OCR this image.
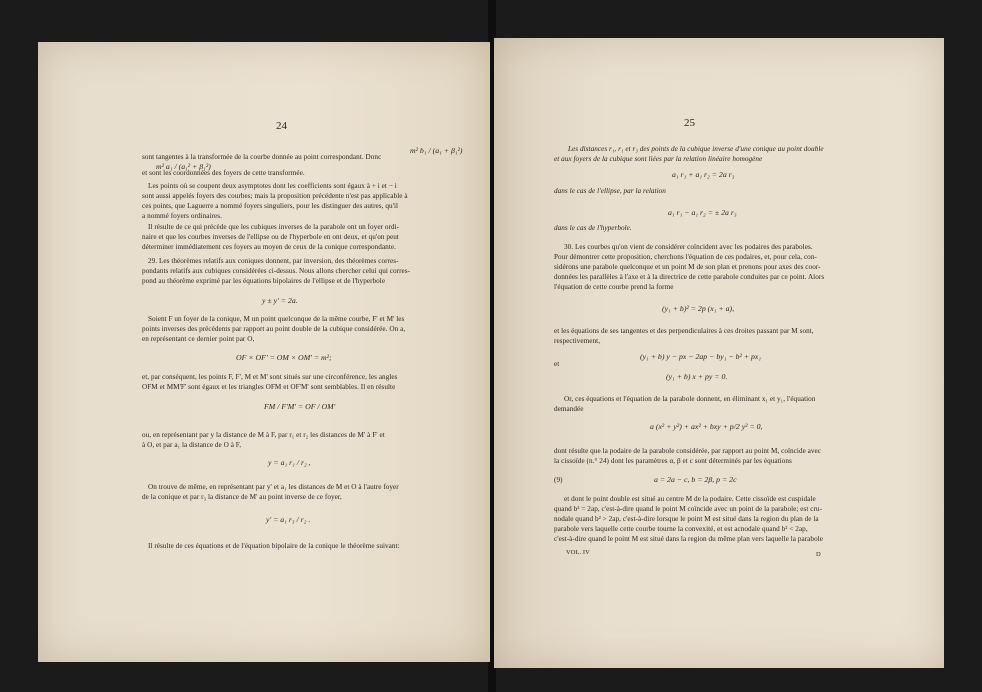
24
sont tangentes à la transformée de la courbe donnée au point correspondant. Donc
m² b₁ / (a₁ + β₁²)
et sont les coordonnées des foyers de cette transformée.
m² a₁ / (a₁² + β₁²)
Les points où se coupent deux asymptotes dont les coefficients sont égaux à + i et − i
sont aussi appelés foyers des courbes; mais la proposition précédente n'est pas applicable à
ces points, que Laguerre a nommé foyers singuliers, pour les distinguer des autres, qu'il
a nommé foyers ordinaires.
Il résulte de ce qui précède que les cubiques inverses de la parabole ont un foyer ordi-
naire et que les courbes inverses de l'ellipse ou de l'hyperbole en ont deux, et qu'on peut
déterminer immédiatement ces foyers au moyen de ceux de la conique correspondante.
29. Les théorèmes relatifs aux coniques donnent, par inversion, des théorèmes corres-
pondants relatifs aux cubiques considérées ci-dessus. Nous allons chercher celui qui corres-
pond au théorème exprimé par les équations bipolaires de l'ellipse et de l'hyperbole
y ± y' = 2a.
Soient F un foyer de la conique, M un point quelconque de la même courbe, F' et M' les
points inverses des précédents par rapport au point double de la cubique considérée. On a,
en représentant ce dernier point par O,
OF × OF' = OM × OM' = m²;
et, par conséquent, les points F, F', M et M' sont situés sur une circonférence, les angles
OFM et MM'F' sont égaux et les triangles OFM et OF'M' sont semblables. Il en résulte
FM / F'M' = OF / OM'
ou, en représentant par y la distance de M à F, par r₁ et r₂ les distances de M' à F' et
à O, et par a₁ la distance de O à F,
y = a₁ r₁ / r₂ ,
On trouve de même, en représentant par y' et a₁ les distances de M et O à l'autre foyer
de la conique et par r₃ la distance de M' au point inverse de ce foyer,
y' = a₁ r₃ / r₂ .
Il résulte de ces équations et de l'équation bipolaire de la conique le théorème suivant:
25
Les distances r₁, r₁ et r₃ des points de la cubique inverse d'une conique au point double
et aux foyers de la cubique sont liées par la relation linéaire homogène
a₁ r₁ + a₁ r₂ = 2a r₃
dans le cas de l'ellipse, par la relation
a₁ r₁ − a₁ r₂ = ± 2a r₃
dans le cas de l'hyperbole.
30. Les courbes qu'on vient de considérer coïncident avec les podaires des paraboles.
Pour démontrer cette proposition, cherchons l'équation de ces podaires, et, pour cela, con-
sidérons une parabole quelconque et un point M de son plan et prenons pour axes des coor-
données les parallèles à l'axe et à la directrice de cette parabole conduites par ce point. Alors
l'équation de cette courbe prend la forme
(y₁ + b)² = 2p (x₁ + a),
et les équations de ses tangentes et des perpendiculaires à ces droites passant par M sont,
respectivement,
(y₁ + b) y − px − 2ap − by₁ − b² + px₁
et
(y₁ + b) x + py = 0.
Or, ces équations et l'équation de la parabole donnent, en éliminant x₁ et y₁, l'équation
demandée
a (x² + y²) + ax² + bxy + p/2 y² = 0,
dont résulte que la podaire de la parabole considérée, par rapport au point M, coïncide avec
la cissoïde (n.° 24) dont les paramètres α, β et c sont déterminés par les équations
(9)	a = 2a − c, b = 2β, p = 2c
et dont le point double est situé au centre M de la podaire. Cette cissoïde est cuspidale
quand b² = 2ap, c'est-à-dire quand le point M coïncide avec un point de la parabole; est cru-
nodale quand b² > 2ap, c'est-à-dire lorsque le point M est situé dans la region du plan de la
parabole vers laquelle cette courbe tourne la convexité, et est acnodale quand b² < 2ap,
c'est-à-dire quand le point M est situé dans la region du même plan vers laquelle la parabole
VOL. IV	D
